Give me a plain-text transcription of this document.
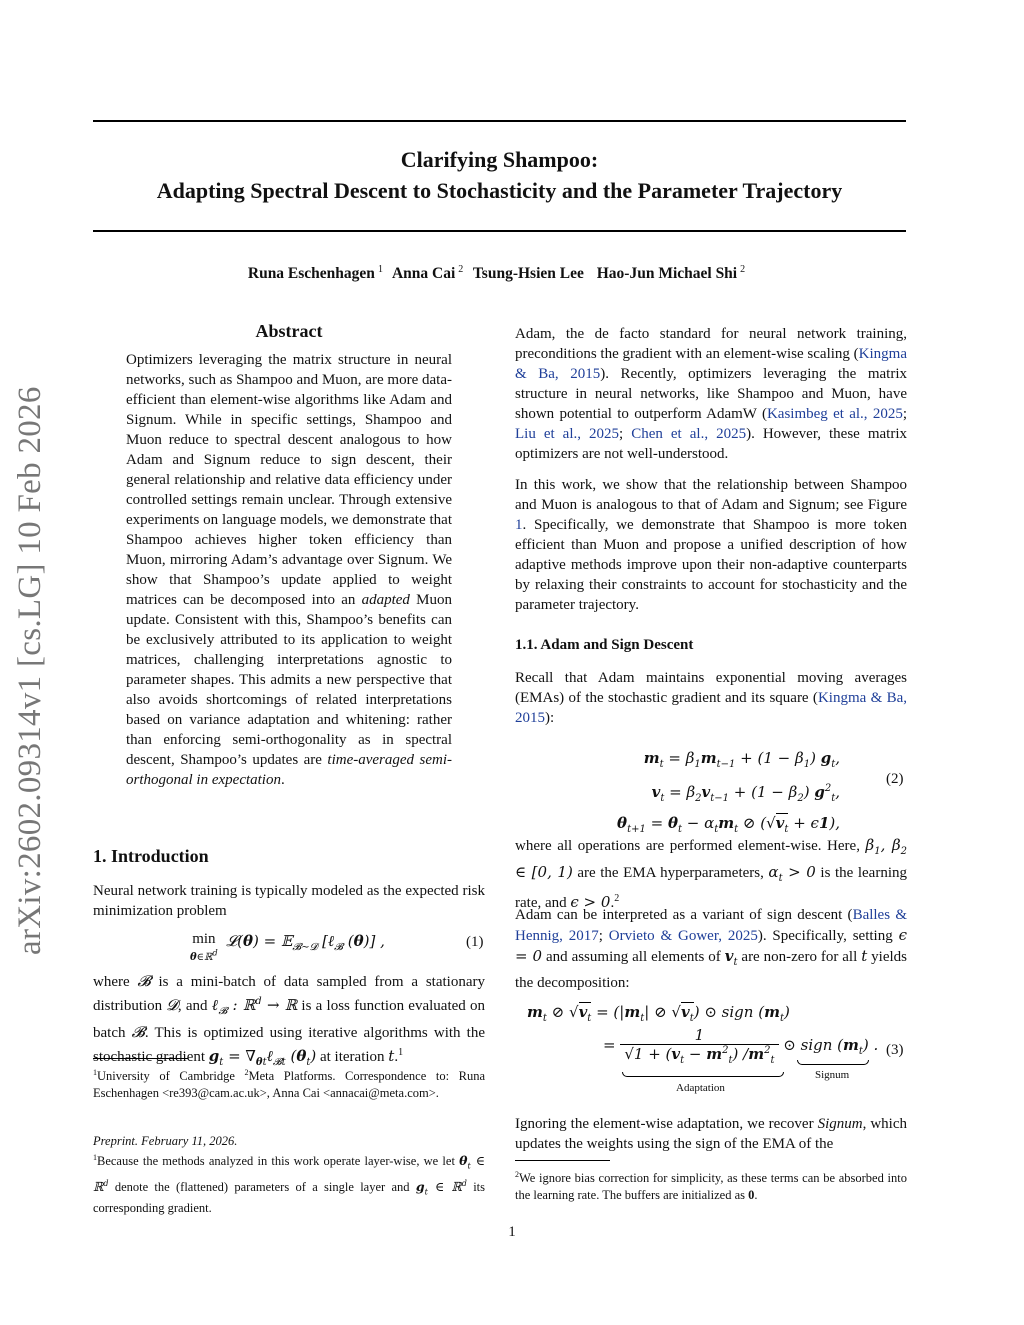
arXiv:2602.09314v1 [cs.LG] 10 Feb 2026
Clarifying Shampoo:
Adapting Spectral Descent to Stochasticity and the Parameter Trajectory
Runa Eschenhagen $^1$ Anna Cai $^2$ Tsung-Hsien Lee Hao-Jun Michael Shi $^2$
Abstract

Optimizers leveraging the matrix structure in neural networks, such as Shampoo and Muon, are more data-efficient than element-wise algorithms like Adam and Signum. While in specific settings, Shampoo and Muon reduce to spectral descent analogous to how Adam and Signum reduce to sign descent, their general relationship and relative data efficiency under controlled settings remain unclear. Through extensive experiments on language models, we demonstrate that Shampoo achieves higher token efficiency than Muon, mirroring Adam’s advantage over Signum. We show that Shampoo’s update applied to weight matrices can be decomposed into an adapted Muon update. Consistent with this, Shampoo’s benefits can be exclusively attributed to its application to weight matrices, challenging interpretations agnostic to parameter shapes. This admits a new perspective that also avoids shortcomings of related interpretations based on variance adaptation and whitening: rather than enforcing semi-orthogonality as in spectral descent, Shampoo’s updates are time-averaged semi-orthogonal in expectation.

1. Introduction

Neural network training is typically modeled as the expected risk minimization problem

min
θ∈ℝ$^d$  𝓛(θ) = 𝔼$_{𝓑\sim 𝓓}$ [ℓ$_𝓑$ (θ)] ,	(1)

where 𝓑 is a mini-batch of data sampled from a stationary distribution 𝓓, and ℓ$_𝓑$ : ℝ$^d$ → ℝ is a loss function evaluated on batch 𝓑. This is optimized using iterative algorithms with the stochastic gradient $g_t$ = $\nabla_{\theta t}\ell_{𝓑t}$ $(\theta_t)$ at iteration t.$^1$

$^1$University of Cambridge $^2$Meta Platforms. Correspondence to: Runa Eschenhagen <re393@cam.ac.uk>, Anna Cai <annacai@meta.com>.

Preprint. February 11, 2026.

$^1$Because the methods analyzed in this work operate layer-wise, we let $\theta_t$ ∈ ℝ$^d$ denote the (flattened) parameters of a single layer and $g_t$ ∈ ℝ$^d$ its corresponding gradient.

Adam, the de facto standard for neural network training, preconditions the gradient with an element-wise scaling (Kingma & Ba, 2015). Recently, optimizers leveraging the matrix structure in neural networks, like Shampoo and Muon, have shown potential to outperform AdamW (Kasimbeg et al., 2025; Liu et al., 2025; Chen et al., 2025). However, these matrix optimizers are not well-understood.

In this work, we show that the relationship between Shampoo and Muon is analogous to that of Adam and Signum; see Figure 1. Specifically, we demonstrate that Shampoo is more token efficient than Muon and propose a unified description of how adaptive methods improve upon their non-adaptive counterparts by relaxing their constraints to account for stochasticity and the parameter trajectory.

1.1. Adam and Sign Descent

Recall that Adam maintains exponential moving averages (EMAs) of the stochastic gradient and its square (Kingma & Ba, 2015):

$m_t = \beta_1m_{t-1} + (1 - \beta_1)$ $g_t$,
$v_t = \beta_2v_{t-1} + (1 - \beta_2)$ $g^2_t$,
$\theta_{t+1} = \theta_t - \alpha_tm_t$ ⊘ $(√v_t + \epsilon 1)$,
(2)

where all operations are performed element-wise. Here, $\beta_1$, $\beta_2$ ∈ [0, 1) are the EMA hyperparameters, $\alpha_t > 0$ is the learning rate, and ϵ > 0.$^2$

Adam can be interpreted as a variant of sign descent (Balles & Hennig, 2017; Orvieto & Gower, 2025). Specifically, setting ϵ = 0 and assuming all elements of $v_t$ are non-zero for all t yields the decomposition:

$m_t$ ⊘ $√v_t = (|m_t|$ ⊘ $√v_t$) ⊙ sign $(m_t)$
= $\frac{1}{√1 + (v_t - m^2_t) /m^2_t}$ ⊙ sign $(m_t)$ .
Adaptation
Signum
(3)

Ignoring the element-wise adaptation, we recover Signum, which updates the weights using the sign of the EMA of the

$^2$We ignore bias correction for simplicity, as these terms can be absorbed into the learning rate. The buffers are initialized as 0.

1
